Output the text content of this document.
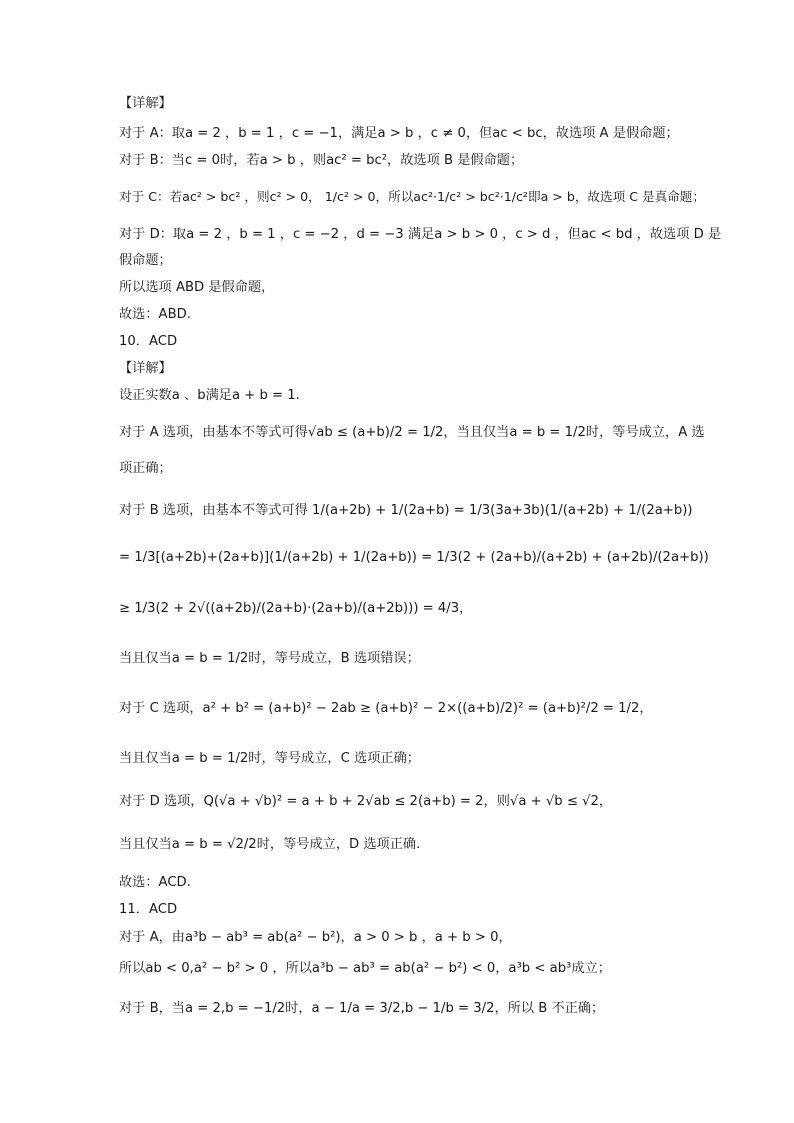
【详解】
对于 A：取a = 2 ，b = 1 ，c = −1，满足a > b ，c ≠ 0，但ac < bc，故选项 A 是假命题；
对于 B：当c = 0时，若a > b ，则ac² = bc²，故选项 B 是假命题；
对于 C：若ac² > bc² ，则c² > 0， 1/c² > 0，所以ac²·1/c² > bc²·1/c²即a > b，故选项 C 是真命题；
对于 D：取a = 2 ，b = 1 ，c = −2 ，d = −3 满足a > b > 0 ，c > d ，但ac < bd ，故选项 D 是
假命题；
所以选项 ABD 是假命题，
故选：ABD.
10．ACD
【详解】
设正实数a 、b满足a + b = 1.
对于 A 选项，由基本不等式可得√ab ≤ (a+b)/2 = 1/2，当且仅当a = b = 1/2时，等号成立，A 选
项正确；
对于 B 选项，由基本不等式可得 1/(a+2b) + 1/(2a+b) = 1/3(3a+3b)(1/(a+2b) + 1/(2a+b))
= 1/3[(a+2b)+(2a+b)](1/(a+2b) + 1/(2a+b)) = 1/3(2 + (2a+b)/(a+2b) + (a+2b)/(2a+b))
≥ 1/3(2 + 2√((a+2b)/(2a+b)·(2a+b)/(a+2b))) = 4/3，
当且仅当a = b = 1/2时，等号成立，B 选项错误；
对于 C 选项，a² + b² = (a+b)² − 2ab ≥ (a+b)² − 2×((a+b)/2)² = (a+b)²/2 = 1/2，
当且仅当a = b = 1/2时，等号成立，C 选项正确；
对于 D 选项，Q(√a + √b)² = a + b + 2√ab ≤ 2(a+b) = 2，则√a + √b ≤ √2，
当且仅当a = b = √2/2时，等号成立，D 选项正确.
故选：ACD.
11．ACD
对于 A，由a³b − ab³ = ab(a² − b²)，a > 0 > b ，a + b > 0，
所以ab < 0,a² − b² > 0 ，所以a³b − ab³ = ab(a² − b²) < 0，a³b < ab³成立；
对于 B，当a = 2,b = −1/2时，a − 1/a = 3/2,b − 1/b = 3/2，所以 B 不正确；
